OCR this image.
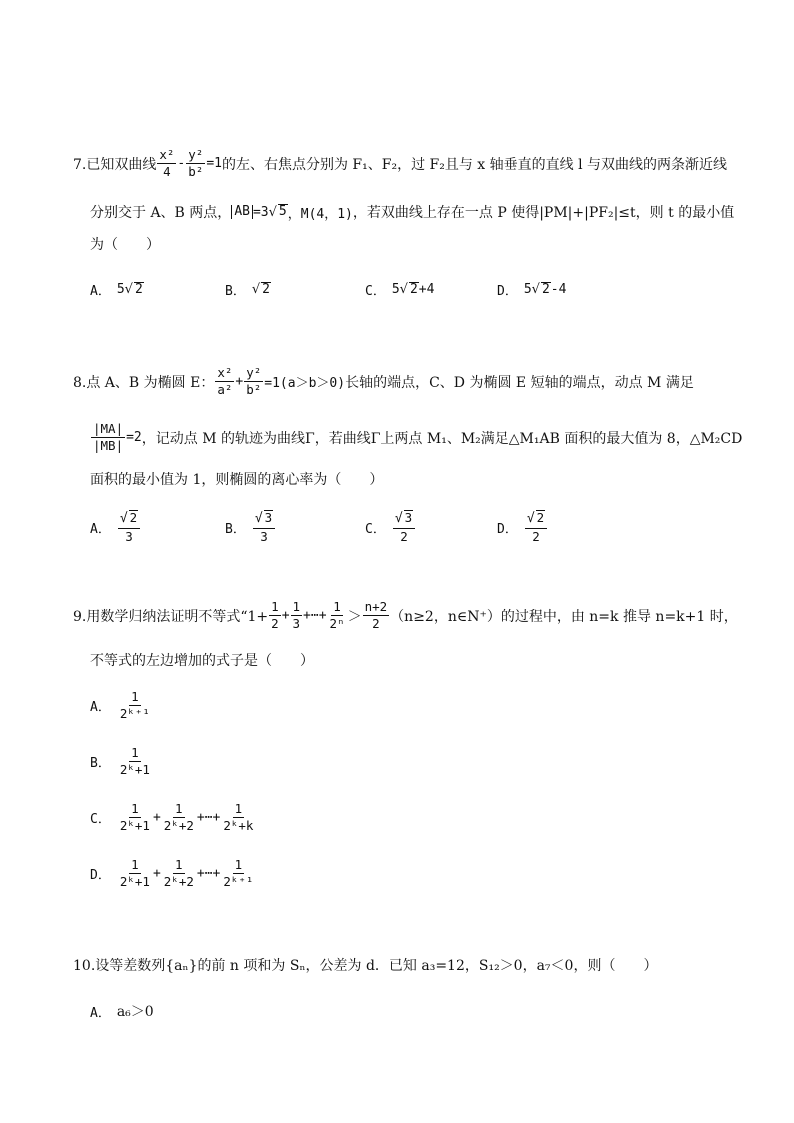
7.已知双曲线 $\frac{\text{x²}}{4} - \frac{\text{y²}}{\text{b²}} =1$ 的左、右焦点分别为 F₁、F₂，过 F₂且与 x 轴垂直的直线 l 与双曲线的两条渐近线
分别交于 A、B 两点， AB =3 √ 5 ，M(4，1) ，若双曲线上存在一点 P 使得|PM|+|PF₂|≤t，则 t 的最小值
为（　　）
A． 5 √ 2	B． √ 2	C． 5 √ 2 +4	D． 5 √ 2 -4
8.点 A、B 为椭圆 E： $\frac{\text{x²}}{\text{a²}} + \frac{\text{y²}}{\text{b²}} =1(a>b>0)$ 长轴的端点，C、D 为椭圆 E 短轴的端点，动点 M 满足
$\frac{|MA|}{|MB|} =2$ ，记动点 M 的轨迹为曲线Γ，若曲线Γ上两点 M₁、M₂满足△M₁AB 面积的最大值为 8，△M₂CD
面积的最小值为 1，则椭圆的离心率为（　　）
A． $\frac{√ 2}{3}$	B． $\frac{√ 3}{3}$	C． $\frac{√ 3}{2}$	D． $\frac{√ 2}{2}$
9.用数学归纳法证明不等式“$1+ \frac{1}{2} + \frac{1}{3}$ +⋯+ $\frac{1}{\text{2ⁿ}} > \frac{n+2}{2} (n\ge 2$，n∈N⁺）的过程中，由 n=k 推导 n=k+1 时，
不等式的左边增加的式子是（　　）
A． $\frac{1}{\text{2ᵏ⁺¹}}$
B． $\frac{1}{\text{2ᵏ+1}}$
C． $\frac{1}{\text{2ᵏ+1}} + \frac{1}{\text{2ᵏ+2}}$ +⋯+ $\frac{1}{\text{2ᵏ+k}}$
D． $\frac{1}{\text{2ᵏ+1}} + \frac{1}{\text{2ᵏ+2}}$ +⋯+ $\frac{1}{\text{2ᵏ⁺¹}}$
10.设等差数列{aₙ}的前 n 项和为 Sₙ，公差为 d．已知 a₃=12，S₁₂＞0，a₇＜0，则（　　）
A． a₆＞0
